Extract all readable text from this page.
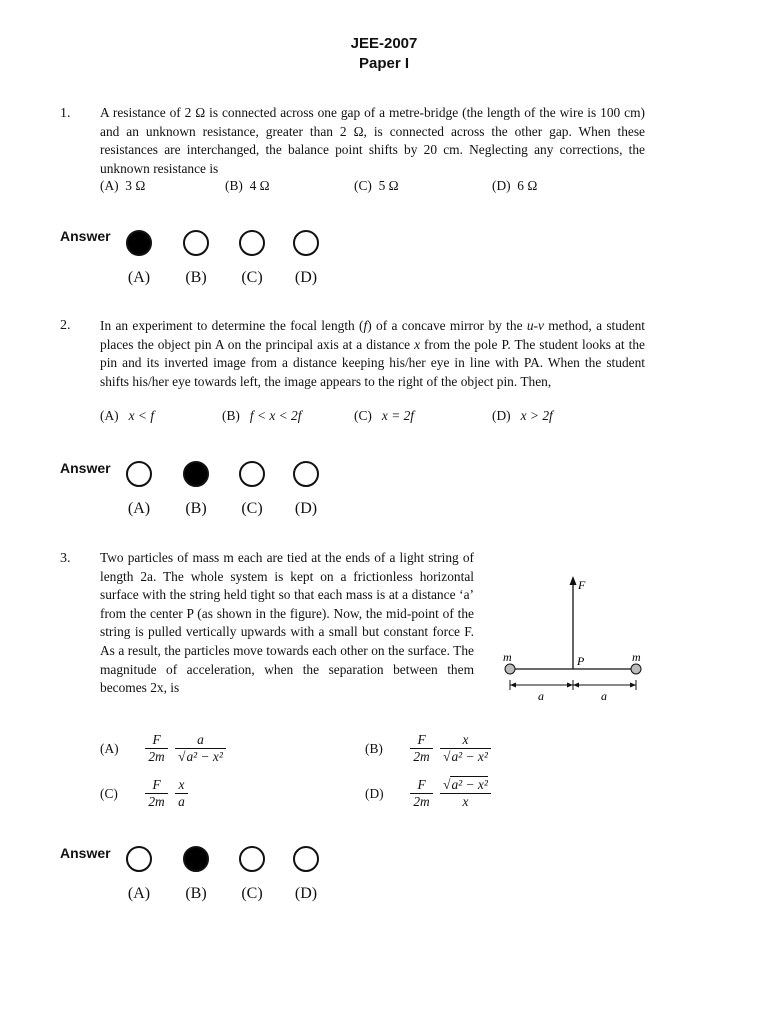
JEE-2007
Paper I
1. A resistance of 2 Ω is connected across one gap of a metre-bridge (the length of the wire is 100 cm) and an unknown resistance, greater than 2 Ω, is connected across the other gap. When these resistances are interchanged, the balance point shifts by 20 cm. Neglecting any corrections, the unknown resistance is

(A) 3 Ω	(B) 4 Ω	(C) 5 Ω	(D) 6 Ω
Answer
(A)	(B)	(C)	(D)
2. In an experiment to determine the focal length (f) of a concave mirror by the u-v method, a student places the object pin A on the principal axis at a distance x from the pole P. The student looks at the pin and its inverted image from a distance keeping his/her eye in line with PA. When the student shifts his/her eye towards left, the image appears to the right of the object pin. Then,

(A) x < f	(B) f < x < 2f	(C) x = 2f	(D) x > 2f
Answer
(A)	(B)	(C)	(D)
3. Two particles of mass m each are tied at the ends of a light string of length 2a. The whole system is kept on a frictionless horizontal surface with the string held tight so that each mass is at a distance ‘a’ from the center P (as shown in the figure). Now, the mid-point of the string is pulled vertically upwards with a small but constant force F. As a result, the particles move towards each other on the surface. The magnitude of acceleration, when the separation between them becomes 2x, is

F
m	m
P
a	a
$(A) \frac{F}{2m}$
$\frac{a}{\text{√a² − x²}}$	$(B) \frac{F}{2m}$
$\frac{x}{\text{√a² − x²}}$
$(C) \frac{F}{2m}$
$\frac{x}{a}$	$(D) \frac{F}{2m}$
$\frac{\text{√a² − x²}}{x}$
Answer
(A)	(B)	(C)	(D)
